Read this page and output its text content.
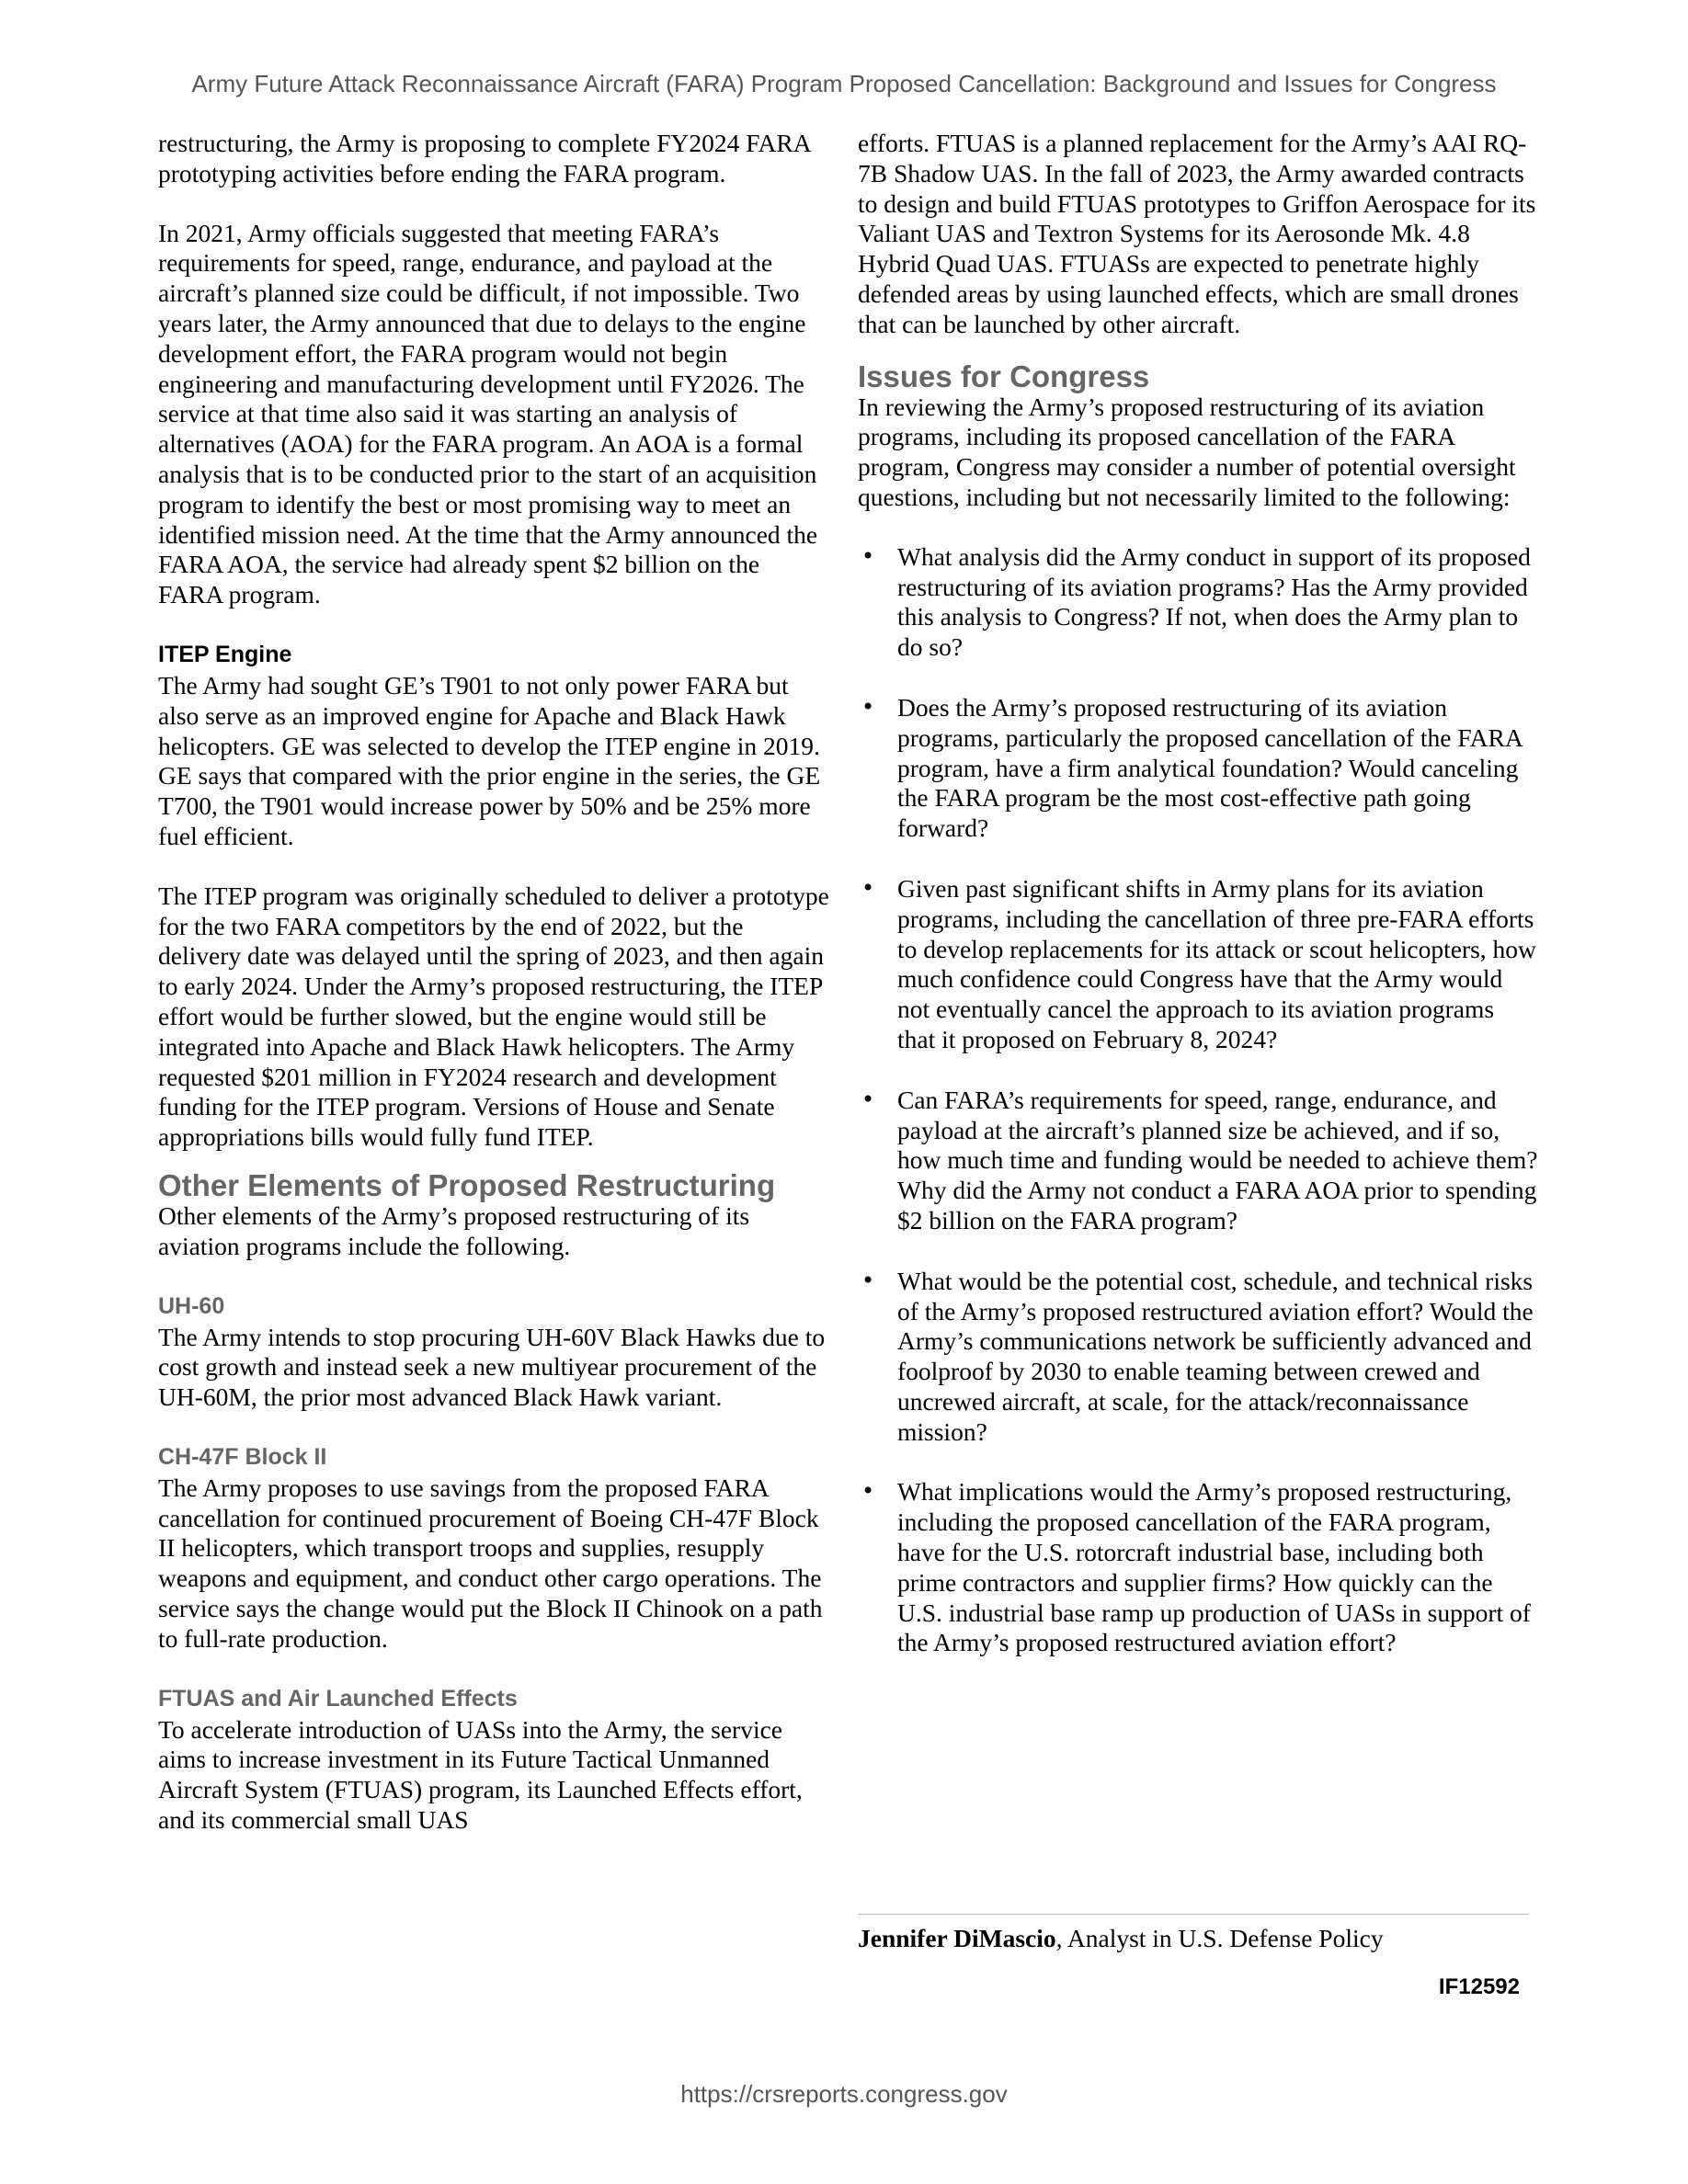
Army Future Attack Reconnaissance Aircraft (FARA) Program Proposed Cancellation: Background and Issues for Congress

restructuring, the Army is proposing to complete FY2024 FARA prototyping activities before ending the FARA program.

In 2021, Army officials suggested that meeting FARA’s requirements for speed, range, endurance, and payload at the aircraft’s planned size could be difficult, if not impossible. Two years later, the Army announced that due to delays to the engine development effort, the FARA program would not begin engineering and manufacturing development until FY2026. The service at that time also said it was starting an analysis of alternatives (AOA) for the FARA program. An AOA is a formal analysis that is to be conducted prior to the start of an acquisition program to identify the best or most promising way to meet an identified mission need. At the time that the Army announced the FARA AOA, the service had already spent $2 billion on the FARA program.

ITEP Engine

The Army had sought GE’s T901 to not only power FARA but also serve as an improved engine for Apache and Black Hawk helicopters. GE was selected to develop the ITEP engine in 2019. GE says that compared with the prior engine in the series, the GE T700, the T901 would increase power by 50% and be 25% more fuel efficient.

The ITEP program was originally scheduled to deliver a prototype for the two FARA competitors by the end of 2022, but the delivery date was delayed until the spring of 2023, and then again to early 2024. Under the Army’s proposed restructuring, the ITEP effort would be further slowed, but the engine would still be integrated into Apache and Black Hawk helicopters. The Army requested $201 million in FY2024 research and development funding for the ITEP program. Versions of House and Senate appropriations bills would fully fund ITEP.

Other Elements of Proposed Restructuring

Other elements of the Army’s proposed restructuring of its aviation programs include the following.

UH-60

The Army intends to stop procuring UH-60V Black Hawks due to cost growth and instead seek a new multiyear procurement of the UH-60M, the prior most advanced Black Hawk variant.

CH-47F Block II

The Army proposes to use savings from the proposed FARA cancellation for continued procurement of Boeing CH-47F Block II helicopters, which transport troops and supplies, resupply weapons and equipment, and conduct other cargo operations. The service says the change would put the Block II Chinook on a path to full-rate production.

FTUAS and Air Launched Effects

To accelerate introduction of UASs into the Army, the service aims to increase investment in its Future Tactical Unmanned Aircraft System (FTUAS) program, its Launched Effects effort, and its commercial small UAS

efforts. FTUAS is a planned replacement for the Army’s AAI RQ-7B Shadow UAS. In the fall of 2023, the Army awarded contracts to design and build FTUAS prototypes to Griffon Aerospace for its Valiant UAS and Textron Systems for its Aerosonde Mk. 4.8 Hybrid Quad UAS. FTUASs are expected to penetrate highly defended areas by using launched effects, which are small drones that can be launched by other aircraft.

Issues for Congress

In reviewing the Army’s proposed restructuring of its aviation programs, including its proposed cancellation of the FARA program, Congress may consider a number of potential oversight questions, including but not necessarily limited to the following:

• What analysis did the Army conduct in support of its proposed restructuring of its aviation programs? Has the Army provided this analysis to Congress? If not, when does the Army plan to do so?
• Does the Army’s proposed restructuring of its aviation programs, particularly the proposed cancellation of the FARA program, have a firm analytical foundation? Would canceling the FARA program be the most cost-effective path going forward?
• Given past significant shifts in Army plans for its aviation programs, including the cancellation of three pre-FARA efforts to develop replacements for its attack or scout helicopters, how much confidence could Congress have that the Army would not eventually cancel the approach to its aviation programs that it proposed on February 8, 2024?
• Can FARA’s requirements for speed, range, endurance, and payload at the aircraft’s planned size be achieved, and if so, how much time and funding would be needed to achieve them? Why did the Army not conduct a FARA AOA prior to spending $2 billion on the FARA program?
• What would be the potential cost, schedule, and technical risks of the Army’s proposed restructured aviation effort? Would the Army’s communications network be sufficiently advanced and foolproof by 2030 to enable teaming between crewed and uncrewed aircraft, at scale, for the attack/reconnaissance mission?
• What implications would the Army’s proposed restructuring, including the proposed cancellation of the FARA program, have for the U.S. rotorcraft industrial base, including both prime contractors and supplier firms? How quickly can the U.S. industrial base ramp up production of UASs in support of the Army’s proposed restructured aviation effort?
Jennifer DiMascio, Analyst in U.S. Defense Policy
IF12592
https://crsreports.congress.gov
